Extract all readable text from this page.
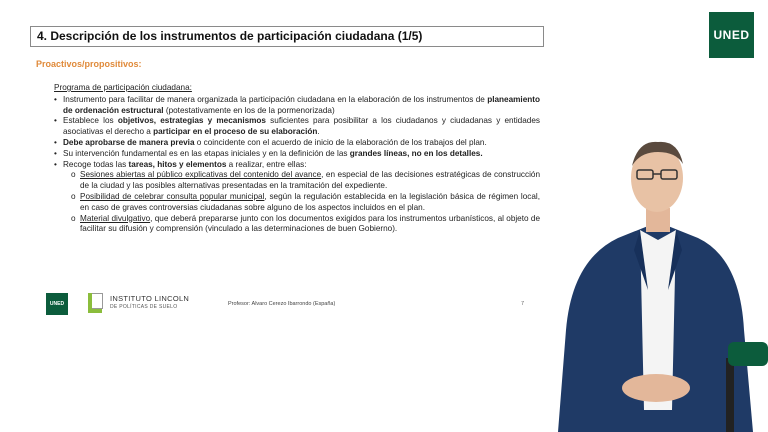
4. Descripción de los instrumentos de participación ciudadana (1/5)	UNED
Proactivos/propositivos:
Programa de participación ciudadana:
• Instrumento para facilitar de manera organizada la participación ciudadana en la elaboración de los instrumentos de planeamiento de ordenación estructural (potestativamente en los de la pormenorizada)
• Establece los objetivos, estrategias y mecanismos suficientes para posibilitar a los ciudadanos y ciudadanas y entidades asociativas el derecho a participar en el proceso de su elaboración.
• Debe aprobarse de manera previa o coincidente con el acuerdo de inicio de la elaboración de los trabajos del plan.
• Su intervención fundamental es en las etapas iniciales y en la definición de las grandes líneas, no en los detalles.
• Recoge todas las tareas, hitos y elementos a realizar, entre ellas:
o Sesiones abiertas al público explicativas del contenido del avance, en especial de las decisiones estratégicas de construcción de la ciudad y las posibles alternativas presentadas en la tramitación del expediente.
o Posibilidad de celebrar consulta popular municipal, según la regulación establecida en la legislación básica de régimen local, en caso de graves controversias ciudadanas sobre alguno de los aspectos incluidos en el plan.
o Material divulgativo, que deberá prepararse junto con los documentos exigidos para los instrumentos urbanísticos, al objeto de facilitar su difusión y comprensión (vinculado a las determinaciones de buen Gobierno).
UNED
INSTITUTO LINCOLN
DE POLÍTICAS DE SUELO	Profesor: Alvaro Cerezo Ibarrondo (España)	7
